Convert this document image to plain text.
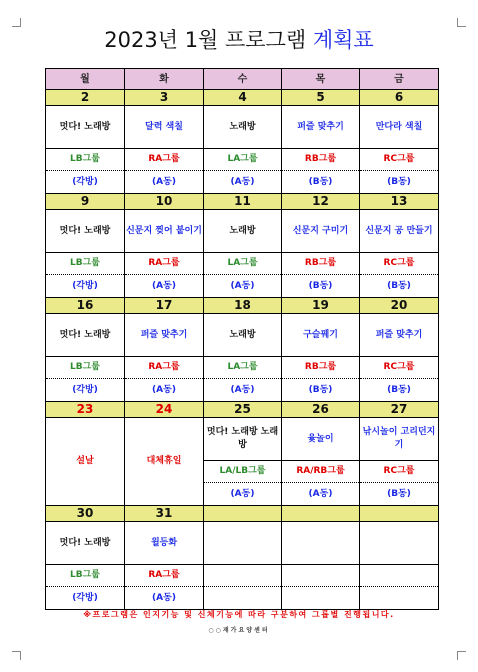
2023년 1월 프로그램 계획표
월	화	수	목	금
2	3	4	5	6
멋다! 노래방	달력 색칠	노래방	퍼즐 맞추기	만다라 색칠
LB그룹	RA그룹	LA그룹	RB그룹	RC그룹
(각방)	(A동)	(A동)	(B동)	(B동)
9	10	11	12	13
멋다! 노래방	신문지 찢어 붙이기	노래방	신문지 구미기	신문지 공 만들기
LB그룹	RA그룹	LA그룹	RB그룹	RC그룹
(각방)	(A동)	(A동)	(B동)	(B동)
16	17	18	19	20
멋다! 노래방	퍼즐 맞추기	노래방	구슬꿰기	퍼즐 맞추기
LB그룹	RA그룹	LA그룹	RB그룹	RC그룹
(각방)	(A동)	(A동)	(B동)	(B동)
23	24	25	26	27
설날	대체휴일	멋다! 노래방 노래방	윷놀이	낚시놀이 고리던지기
		LA/LB그룹	RA/RB그룹	RC그룹
		(A동)	(A동)	(B동)
30	31			
멋다! 노래방	윌등화			
LB그룹	RA그룹			
(각방)	(A동)			
※프로그램은 인지기능 및 신체기능에 따라 구분하여 그룹별 진행됩니다.
○○재가요양센터
